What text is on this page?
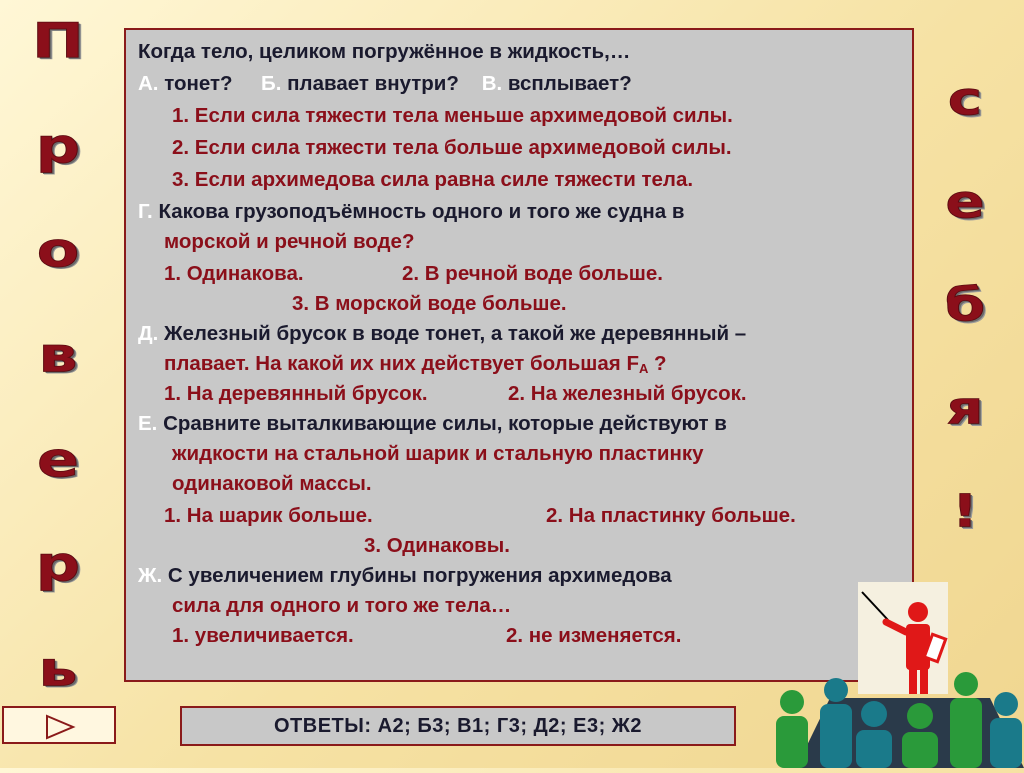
П
р
о
в
е
р
ь
с
е
б
я
!
Когда тело, целиком погружённое в жидкость,…
А. тонет? Б. плавает внутри? В. всплывает?
1. Если сила тяжести тела меньше архимедовой силы.
2. Если сила тяжести тела больше архимедовой силы.
3. Если архимедова сила равна силе тяжести тела.
Г. Какова грузоподъёмность одного и того же судна в
морской и речной воде?
1. Одинакова.	2. В речной воде больше.
3. В морской воде больше.
Д. Железный брусок в воде тонет, а такой же деревянный –
плавает. На какой их них действует большая $F_A$ ?
1. На деревянный брусок.	2. На железный брусок.
Е. Сравните выталкивающие силы, которые действуют в
жидкости на стальной шарик и стальную пластинку
одинаковой массы.
1. На шарик больше.	2. На пластинку больше.
3. Одинаковы.
Ж. С увеличением глубины погружения архимедова
сила для одного и того же тела…
1. увеличивается.	2. не изменяется.
ОТВЕТЫ: А2; Б3; В1; Г3; Д2; Е3; Ж2
